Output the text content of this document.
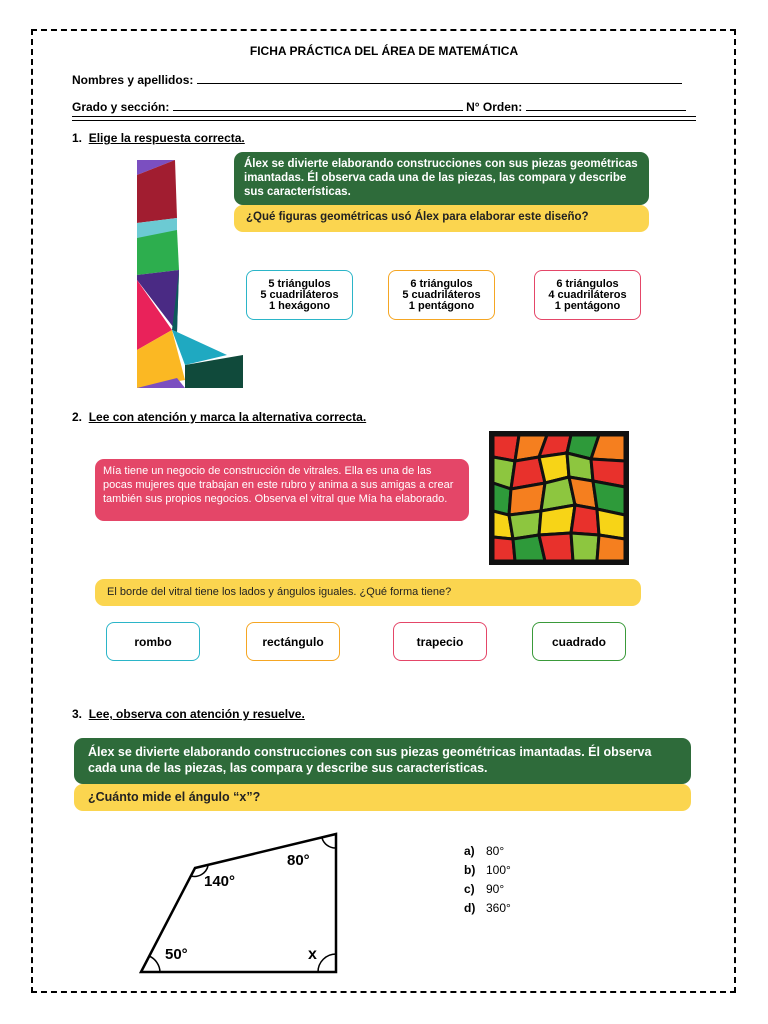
FICHA PRÁCTICA DEL ÁREA DE MATEMÁTICA
Nombres y apellidos:
Grado y sección:	N° Orden:
1. Elige la respuesta correcta.
Álex se divierte elaborando construcciones con sus piezas geométricas imantadas. Él observa cada una de las piezas, las compara y describe sus características.
¿Qué figuras geométricas usó Álex para elaborar este diseño?
5 triángulos
5 cuadriláteros
1 hexágono
6 triángulos
5 cuadriláteros
1 pentágono
6 triángulos
4 cuadriláteros
1 pentágono
2. Lee con atención y marca la alternativa correcta.
Mía tiene un negocio de construcción de vitrales. Ella es una de las pocas mujeres que trabajan en este rubro y anima a sus amigas a crear también sus propios negocios. Observa el vitral que Mía ha elaborado.
El borde del vitral tiene los lados y ángulos iguales. ¿Qué forma tiene?
rombo	rectángulo	trapecio	cuadrado
3. Lee, observa con atención y resuelve.
Álex se divierte elaborando construcciones con sus piezas geométricas imantadas. Él observa cada una de las piezas, las compara y describe sus características.
¿Cuánto mide el ángulo “x”?
80°
140°
50°	x
a) 80°
b) 100°
c) 90°
d) 360°
